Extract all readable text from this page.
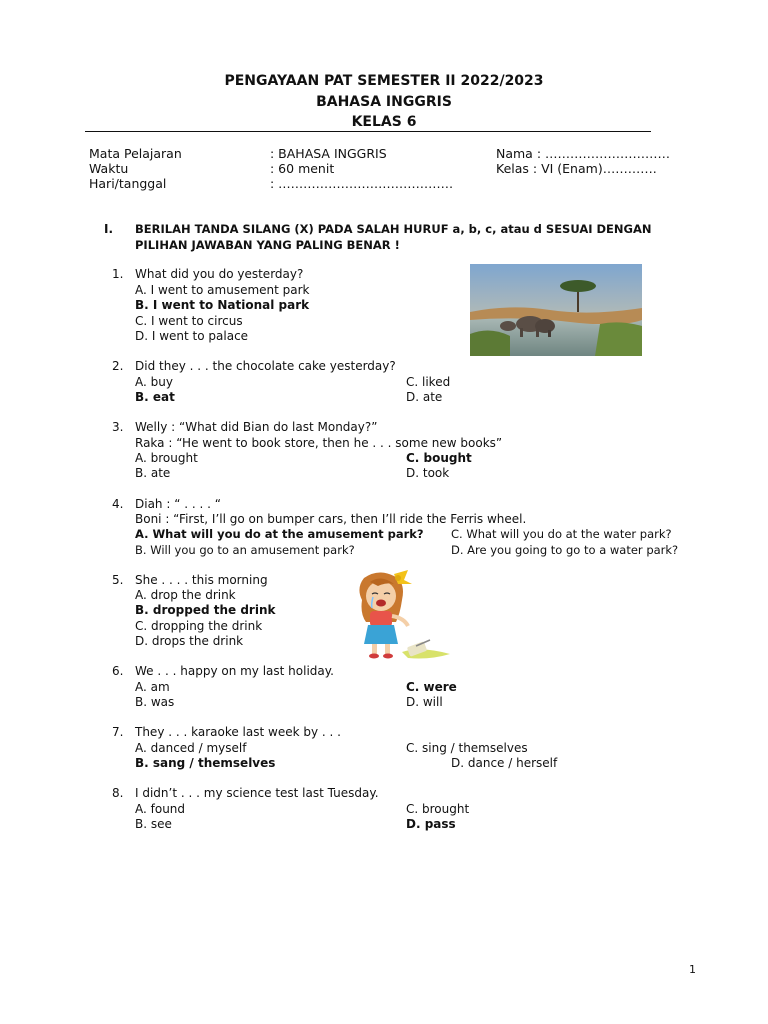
PENGAYAAN PAT SEMESTER II 2022/2023
BAHASA INGGRIS
KELAS 6
Mata Pelajaran	: BAHASA INGGRIS
Waktu	: 60 menit
Hari/tanggal	: ……………………………………
Nama : …………………………
Kelas : VI (Enam)………….
I. BERILAH TANDA SILANG (X) PADA SALAH HURUF a, b, c, atau d SESUAI DENGAN
PILIHAN JAWABAN YANG PALING BENAR !
1. What did you do yesterday?
A. I went to amusement park
B. I went to National park
C. I went to circus
D. I went to palace
2. Did they . . . the chocolate cake yesterday?
A. buy
B. eat
C. liked
D. ate
3. Welly : “What did Bian do last Monday?”
Raka : “He went to book store, then he . . . some new books”
A. brought
B. ate
C. bought
D. took
4. Diah : “ . . . . “
Boni : “First, I’ll go on bumper cars, then I’ll ride the Ferris wheel.
A. What will you do at the amusement park? C. What will you do at the water park?
B. Will you go to an amusement park?	D. Are you going to go to a water park?
5. She . . . . this morning
A. drop the drink
B. dropped the drink
C. dropping the drink
D. drops the drink
6. We . . . happy on my last holiday.
A. am
B. was
C. were
D. will
7. They . . . karaoke last week by . . .
A. danced / myself
B. sang / themselves
C. sing / themselves
D. dance / herself
8. I didn’t . . . my science test last Tuesday.
A. found
B. see
C. brought
D. pass
1
